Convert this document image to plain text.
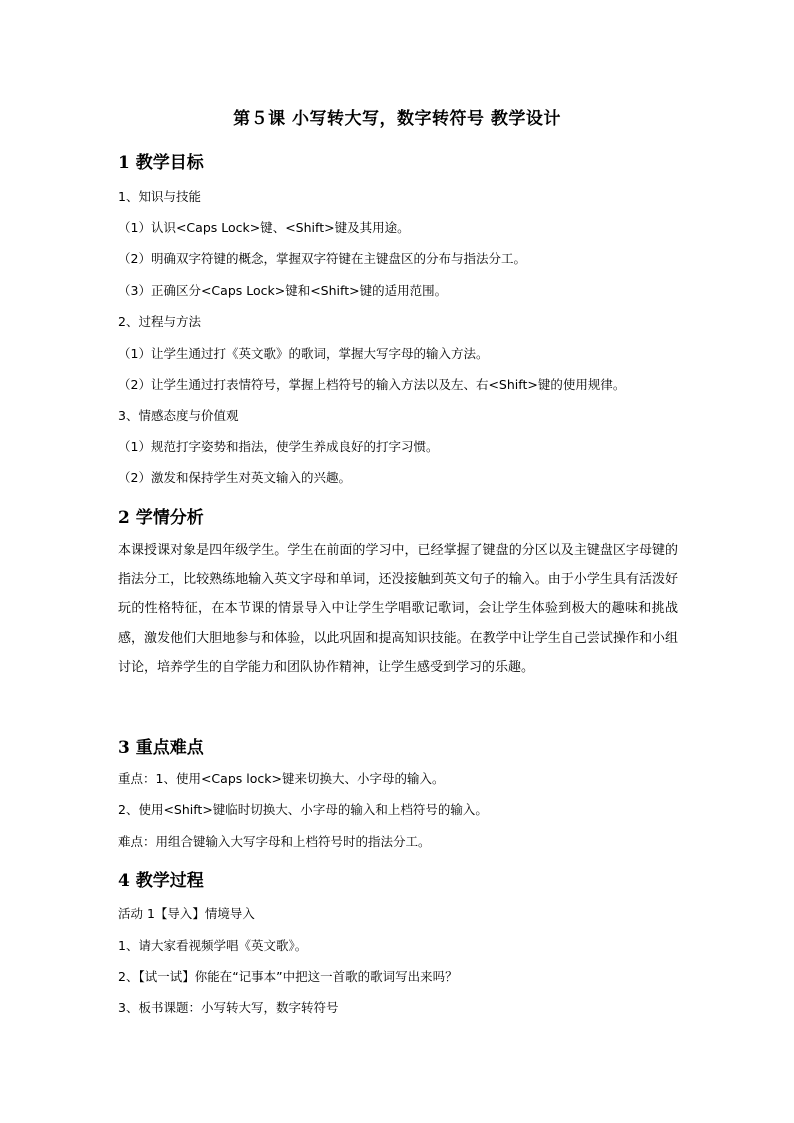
第５课 小写转大写，数字转符号 教学设计
1 教学目标
1、知识与技能
（1）认识<Caps Lock>键、<Shift>键及其用途。
（2）明确双字符键的概念，掌握双字符键在主键盘区的分布与指法分工。
（3）正确区分<Caps Lock>键和<Shift>键的适用范围。
2、过程与方法
（1）让学生通过打《英文歌》的歌词，掌握大写字母的输入方法。
（2）让学生通过打表情符号，掌握上档符号的输入方法以及左、右<Shift>键的使用规律。
3、情感态度与价值观
（1）规范打字姿势和指法，使学生养成良好的打字习惯。
（2）激发和保持学生对英文输入的兴趣。
2 学情分析
本课授课对象是四年级学生。学生在前面的学习中，已经掌握了键盘的分区以及主键盘区字母键的指法分工，比较熟练地输入英文字母和单词，还没接触到英文句子的输入。由于小学生具有活泼好玩的性格特征，在本节课的情景导入中让学生学唱歌记歌词，会让学生体验到极大的趣味和挑战感，激发他们大胆地参与和体验，以此巩固和提高知识技能。在教学中让学生自己尝试操作和小组讨论，培养学生的自学能力和团队协作精神，让学生感受到学习的乐趣。
3 重点难点
重点：1、使用<Caps lock>键来切换大、小字母的输入。
2、使用<Shift>键临时切换大、小字母的输入和上档符号的输入。
难点：用组合键输入大写字母和上档符号时的指法分工。
4 教学过程
活动 1【导入】情境导入
1、请大家看视频学唱《英文歌》。
2、【试一试】你能在“记事本”中把这一首歌的歌词写出来吗？
3、板书课题：小写转大写，数字转符号
